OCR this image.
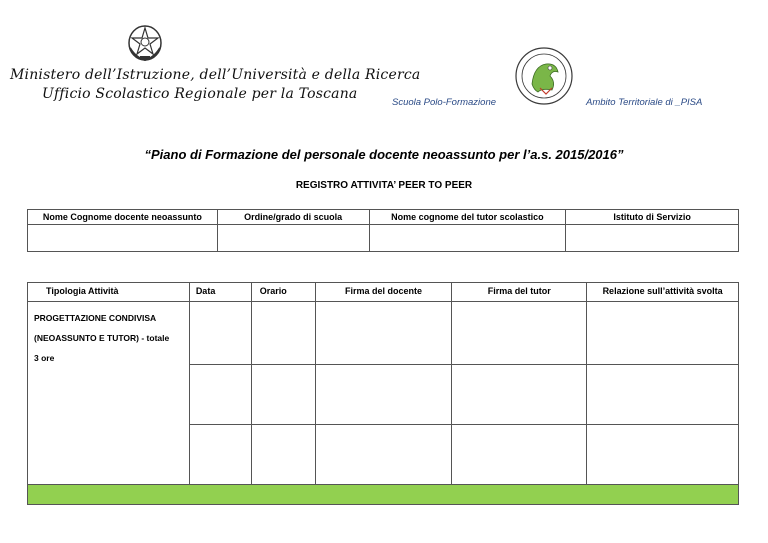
Ministero dell’Istruzione, dell’Università e della Ricerca
Ufficio Scolastico Regionale per la Toscana
Scuola Polo-Formazione	Ambito Territoriale di _PISA
“Piano di Formazione del personale docente neoassunto per l’a.s. 2015/2016”
REGISTRO ATTIVITA’ PEER TO PEER
Nome Cognome docente neoassunto	Ordine/grado di scuola	Nome cognome del tutor scolastico	Istituto di Servizio

Tipologia Attività	Data	Orario	Firma del docente	Firma del tutor	Relazione sull’attività svolta

PROGETTAZIONE CONDIVISA
(NEOASSUNTO E TUTOR) - totale
3 ore					
